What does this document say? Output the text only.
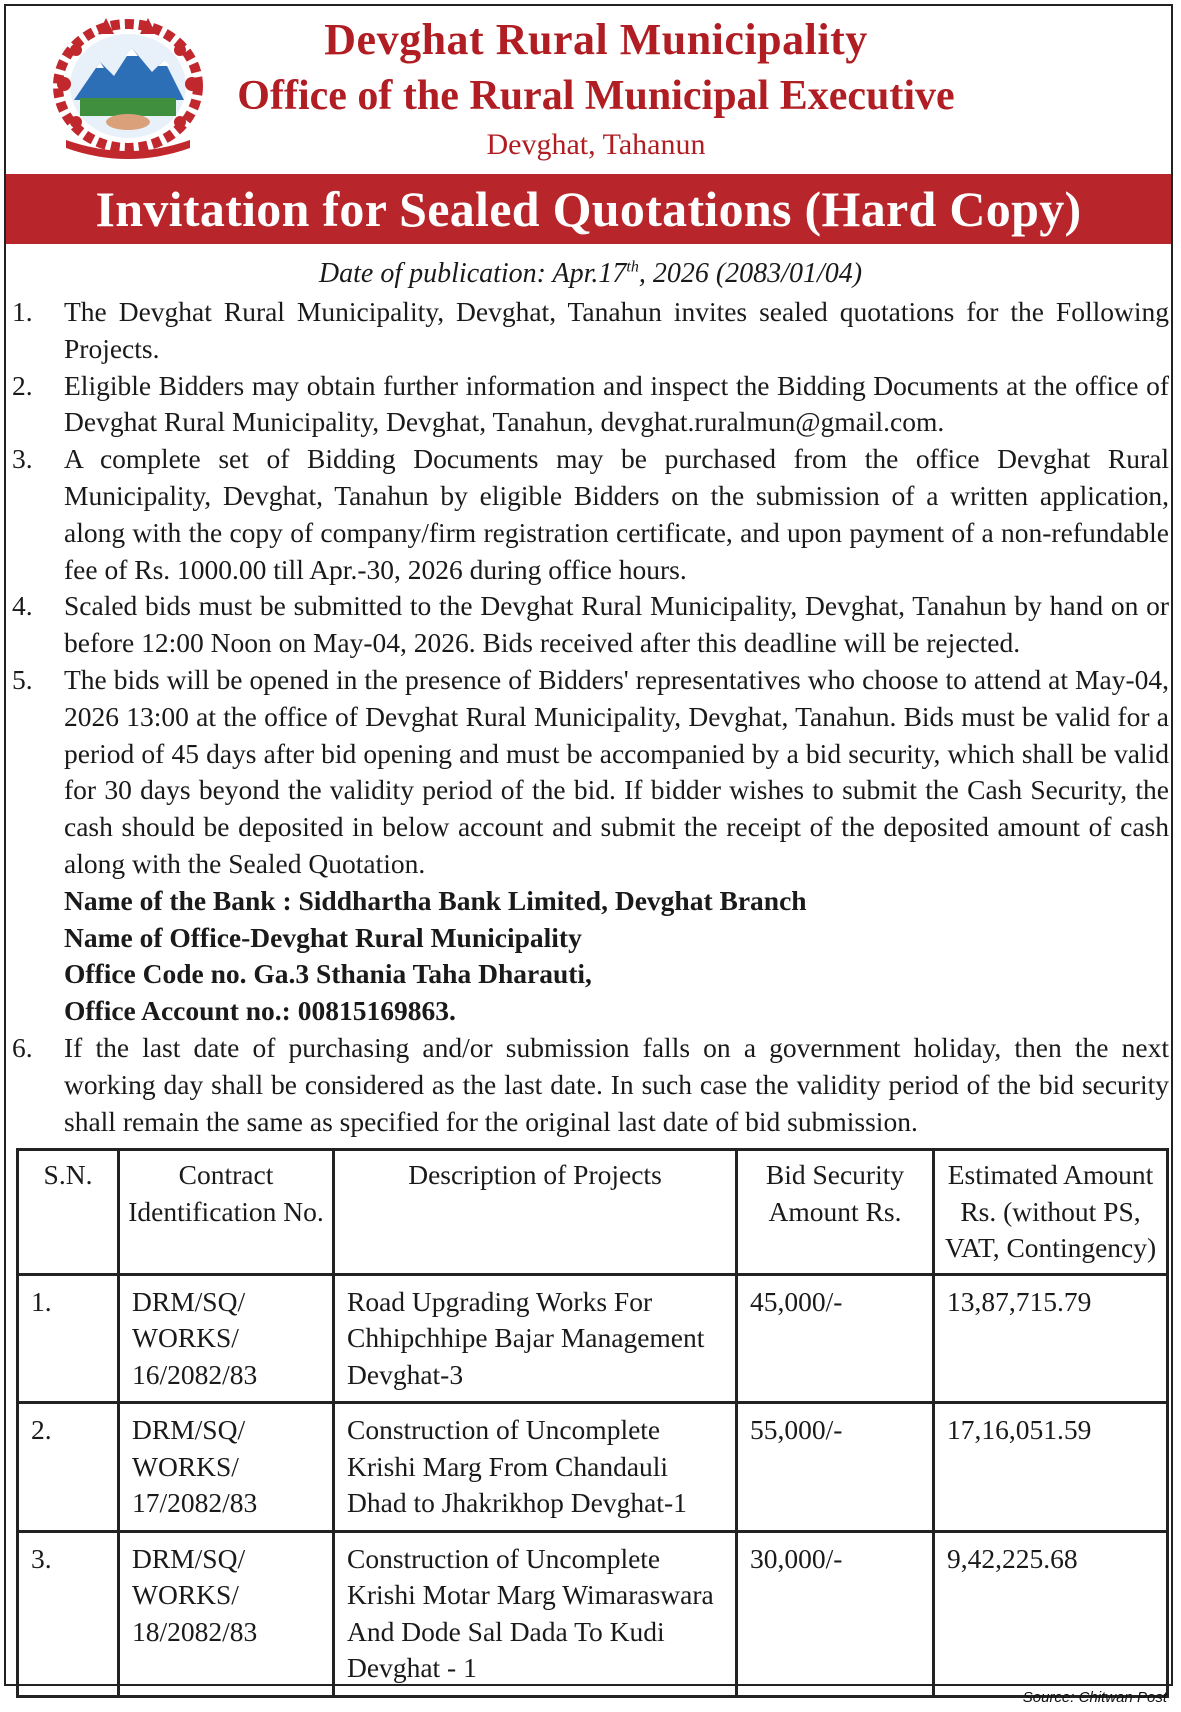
Devghat Rural Municipality
Office of the Rural Municipal Executive
Devghat, Tahanun
Invitation for Sealed Quotations (Hard Copy)
Date of publication: Apr.17th, 2026 (2083/01/04)
1.	The Devghat Rural Municipality, Devghat, Tanahun invites sealed quotations for the Following Projects.
2.	Eligible Bidders may obtain further information and inspect the Bidding Documents at the office of Devghat Rural Municipality, Devghat, Tanahun, devghat.ruralmun@gmail.com.
3.	A complete set of Bidding Documents may be purchased from the office Devghat Rural Municipality, Devghat, Tanahun by eligible Bidders on the submission of a written application, along with the copy of company/firm registration certificate, and upon payment of a non-refundable fee of Rs. 1000.00 till Apr.-30, 2026 during office hours.
4.	Scaled bids must be submitted to the Devghat Rural Municipality, Devghat, Tanahun by hand on or before 12:00 Noon on May-04, 2026. Bids received after this deadline will be rejected.
5.	The bids will be opened in the presence of Bidders' representatives who choose to attend at May-04, 2026 13:00 at the office of Devghat Rural Municipality, Devghat, Tanahun. Bids must be valid for a period of 45 days after bid opening and must be accompanied by a bid security, which shall be valid for 30 days beyond the validity period of the bid. If bidder wishes to submit the Cash Security, the cash should be deposited in below account and submit the receipt of the deposited amount of cash along with the Sealed Quotation.
Name of the Bank : Siddhartha Bank Limited, Devghat Branch
Name of Office-Devghat Rural Municipality
Office Code no. Ga.3 Sthania Taha Dharauti,
Office Account no.: 00815169863.
6.	If the last date of purchasing and/or submission falls on a government holiday, then the next working day shall be considered as the last date. In such case the validity period of the bid security shall remain the same as specified for the original last date of bid submission.
S.N.	Contract Identification No.	Description of Projects	Bid Security Amount Rs.	Estimated Amount Rs. (without PS, VAT, Contingency)
1.	DRM/SQ/ WORKS/ 16/2082/83	Road Upgrading Works For Chhipchhipe Bajar Management Devghat-3	45,000/-	13,87,715.79
2.	DRM/SQ/ WORKS/ 17/2082/83	Construction of Uncomplete Krishi Marg From Chandauli Dhad to Jhakrikhop Devghat-1	55,000/-	17,16,051.59
3.	DRM/SQ/ WORKS/ 18/2082/83	Construction of Uncomplete Krishi Motar Marg Wimaraswara And Dode Sal Dada To Kudi Devghat - 1	30,000/-	9,42,225.68
Source: Chitwan Post
